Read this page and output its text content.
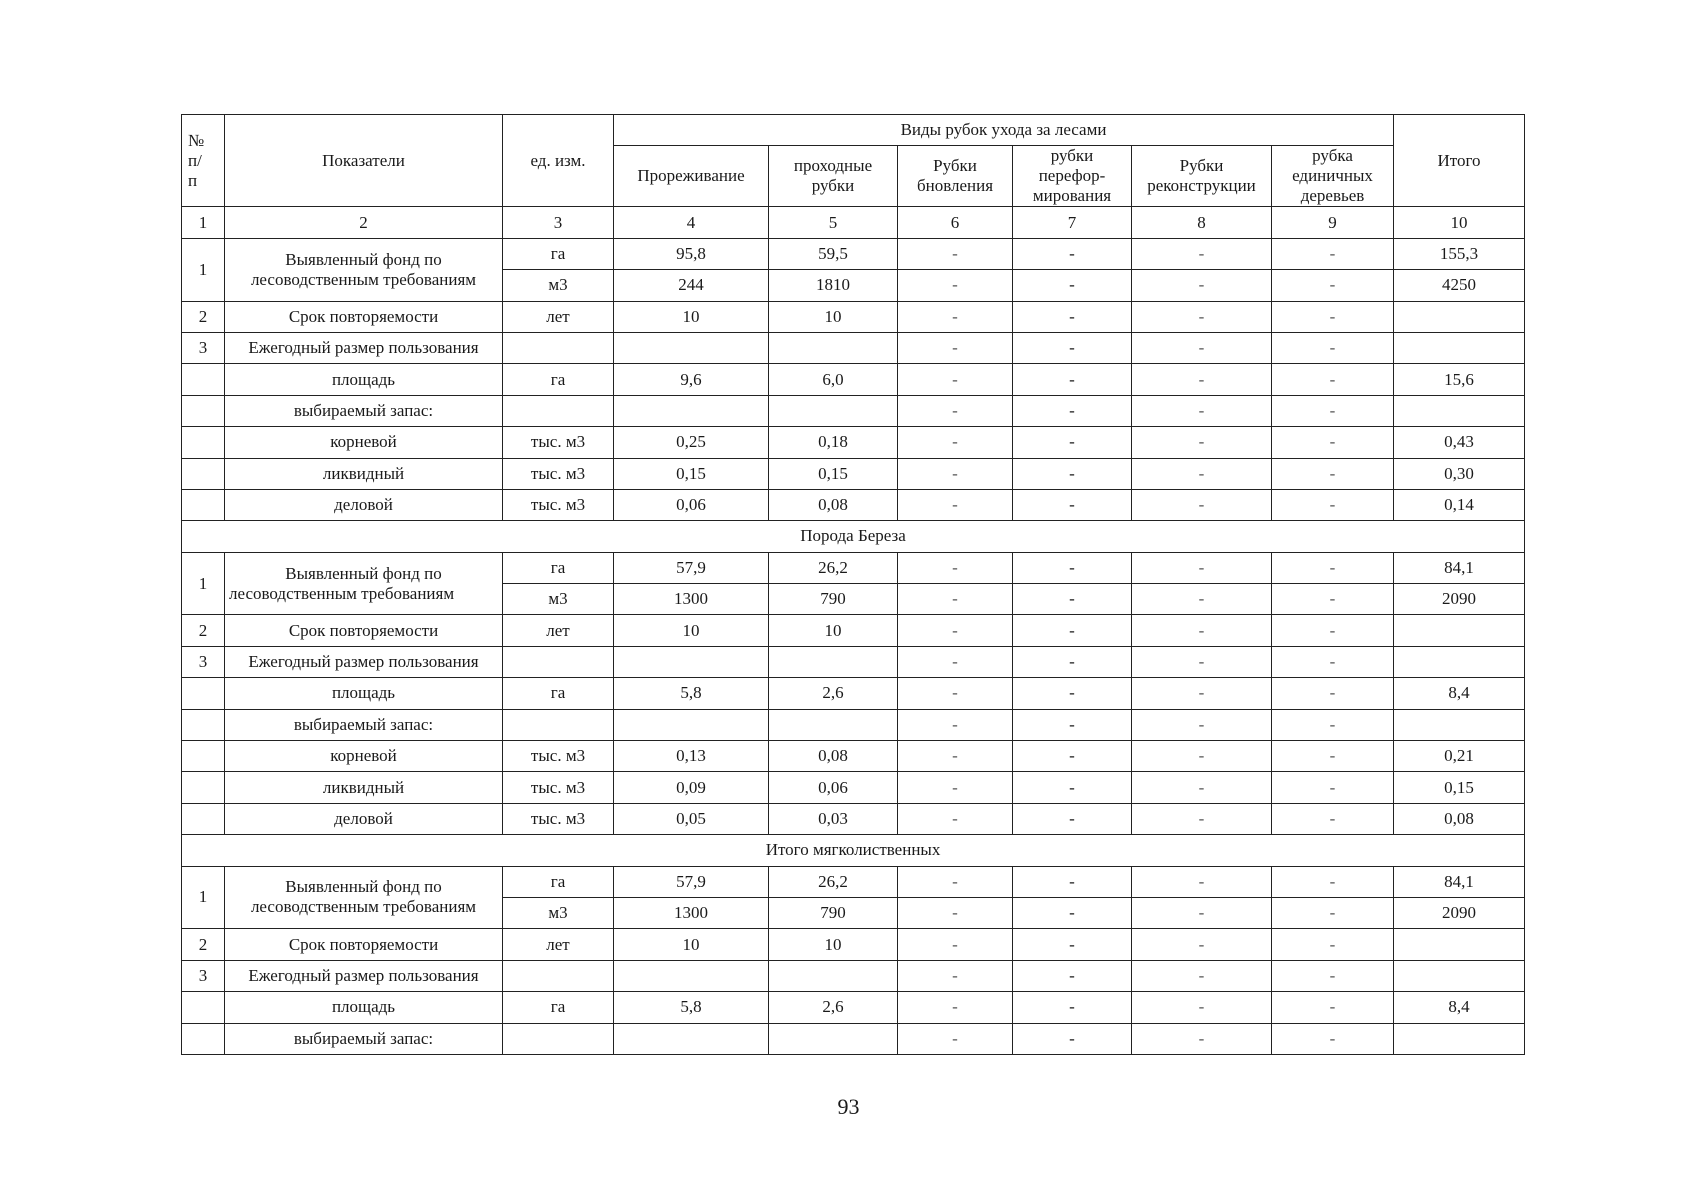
№ п/ п	Показатели	ед. изм.	Виды рубок ухода за лесами						Итого
			Прореживание	проходные рубки	Рубки бновления	рубки перефор-мирования	Рубки реконструкции	рубка единичных деревьев	
1	2	3	4	5	6	7	8	9	10
1	Выявленный фонд по лесоводственным требованиям	га	95,8	59,5	-	-	-	-	155,3
		м3	244	1810	-	-	-	-	4250
2	Срок повторяемости	лет	10	10	-	-	-	-	
3	Ежегодный размер пользования				-	-	-	-	
	площадь	га	9,6	6,0	-	-	-	-	15,6
	выбираемый запас:				-	-	-	-	
	корневой	тыс. м3	0,25	0,18	-	-	-	-	0,43
	ликвидный	тыс. м3	0,15	0,15	-	-	-	-	0,30
	деловой	тыс. м3	0,06	0,08	-	-	-	-	0,14
Порода Береза									
1	Выявленный фонд по лесоводственным требованиям	га	57,9	26,2	-	-	-	-	84,1
		м3	1300	790	-	-	-	-	2090
2	Срок повторяемости	лет	10	10	-	-	-	-	
3	Ежегодный размер пользования				-	-	-	-	
	площадь	га	5,8	2,6	-	-	-	-	8,4
	выбираемый запас:				-	-	-	-	
	корневой	тыс. м3	0,13	0,08	-	-	-	-	0,21
	ликвидный	тыс. м3	0,09	0,06	-	-	-	-	0,15
	деловой	тыс. м3	0,05	0,03	-	-	-	-	0,08
Итого мягколиственных									
1	Выявленный фонд по лесоводственным требованиям	га	57,9	26,2	-	-	-	-	84,1
		м3	1300	790	-	-	-	-	2090
2	Срок повторяемости	лет	10	10	-	-	-	-	
3	Ежегодный размер пользования				-	-	-	-	
	площадь	га	5,8	2,6	-	-	-	-	8,4
	выбираемый запас:				-	-	-	-	
93
